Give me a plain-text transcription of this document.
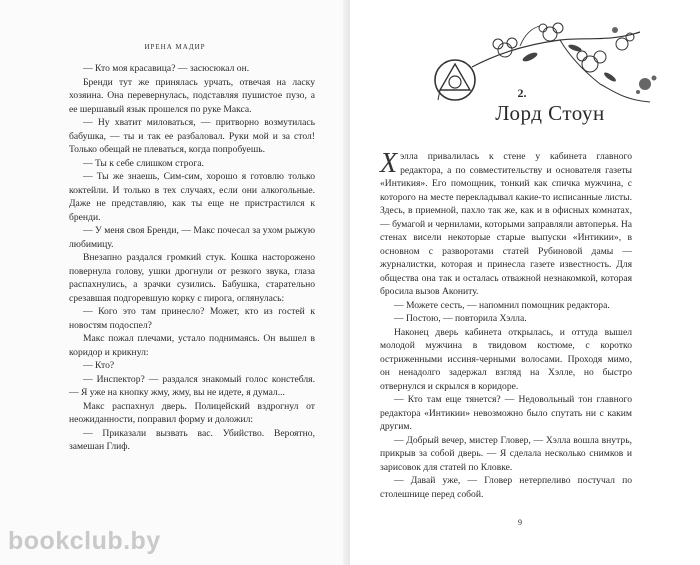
ИРЕНА МАДИР

— Кто моя красавица? — засюсюкал он.

Бренди тут же принялась урчать, отвечая на ласку хозяина. Она перевернулась, подставляя пушистое пузо, а ее шершавый язык прошелся по руке Макса.

— Ну хватит миловаться, — притворно возмутилась бабушка, — ты и так ее разбаловал. Руки мой и за стол! Только обещай не плеваться, когда попробуешь.

— Ты к себе слишком строга.

— Ты же знаешь, Сим-сим, хорошо я готовлю только коктейли. И только в тех случаях, если они алкогольные. Даже не представляю, как ты еще не пристрастился к бренди.

— У меня своя Бренди, — Макс почесал за ухом рыжую любимицу.

Внезапно раздался громкий стук. Кошка насторожено повернула голову, ушки дрогнули от резкого звука, глаза распахнулись, а зрачки сузились. Бабушка, старательно срезавшая подгоревшую корку с пирога, оглянулась:

— Кого это там принесло? Может, кто из гостей к новостям подоспел?

Макс пожал плечами, устало поднимаясь. Он вышел в коридор и крикнул:

— Кто?

— Инспектор? — раздался знакомый голос констебля. — Я уже на кнопку жму, жму, вы не идете, я думал...

Макс распахнул дверь. Полицейский вздрогнул от неожиданности, поправил форму и доложил:

— Приказали вызвать вас. Убийство. Вероятно, замешан Глиф.

2.
Лорд Стоун

Хэлла привалилась к стене у кабинета главного редактора, а по совместительству и основателя газеты «Интикия». Его помощник, тонкий как спичка мужчина, с которого на месте перекладывал какие-то исписанные листы. Здесь, в приемной, пахло так же, как и в офисных комнатах, — бумагой и чернилами, которыми заправляли автоперья. На стенах висели некоторые старые выпуски «Интикии», в основном с разворотами статей Рубиновой дамы — журналистки, которая и принесла газете известность. Для общества она так и осталась отважной незнакомкой, которая бросила вызов Акониту.

— Можете сесть, — напомнил помощник редактора.

— Постою, — повторила Хэлла.

Наконец дверь кабинета открылась, и оттуда вышел молодой мужчина в твидовом костюме, с коротко остриженными иссиня-черными волосами. Проходя мимо, он ненадолго задержал взгляд на Хэлле, но быстро отвернулся и скрылся в коридоре.

— Кто там еще тянется? — Недовольный тон главного редактора «Интикии» невозможно было спутать ни с каким другим.

— Добрый вечер, мистер Гловер, — Хэлла вошла внутрь, прикрыв за собой дверь. — Я сделала несколько снимков и зарисовок для статей по Кловке.

— Давай уже, — Гловер нетерпеливо постучал по столешнице перед собой.

9
bookclub.by
